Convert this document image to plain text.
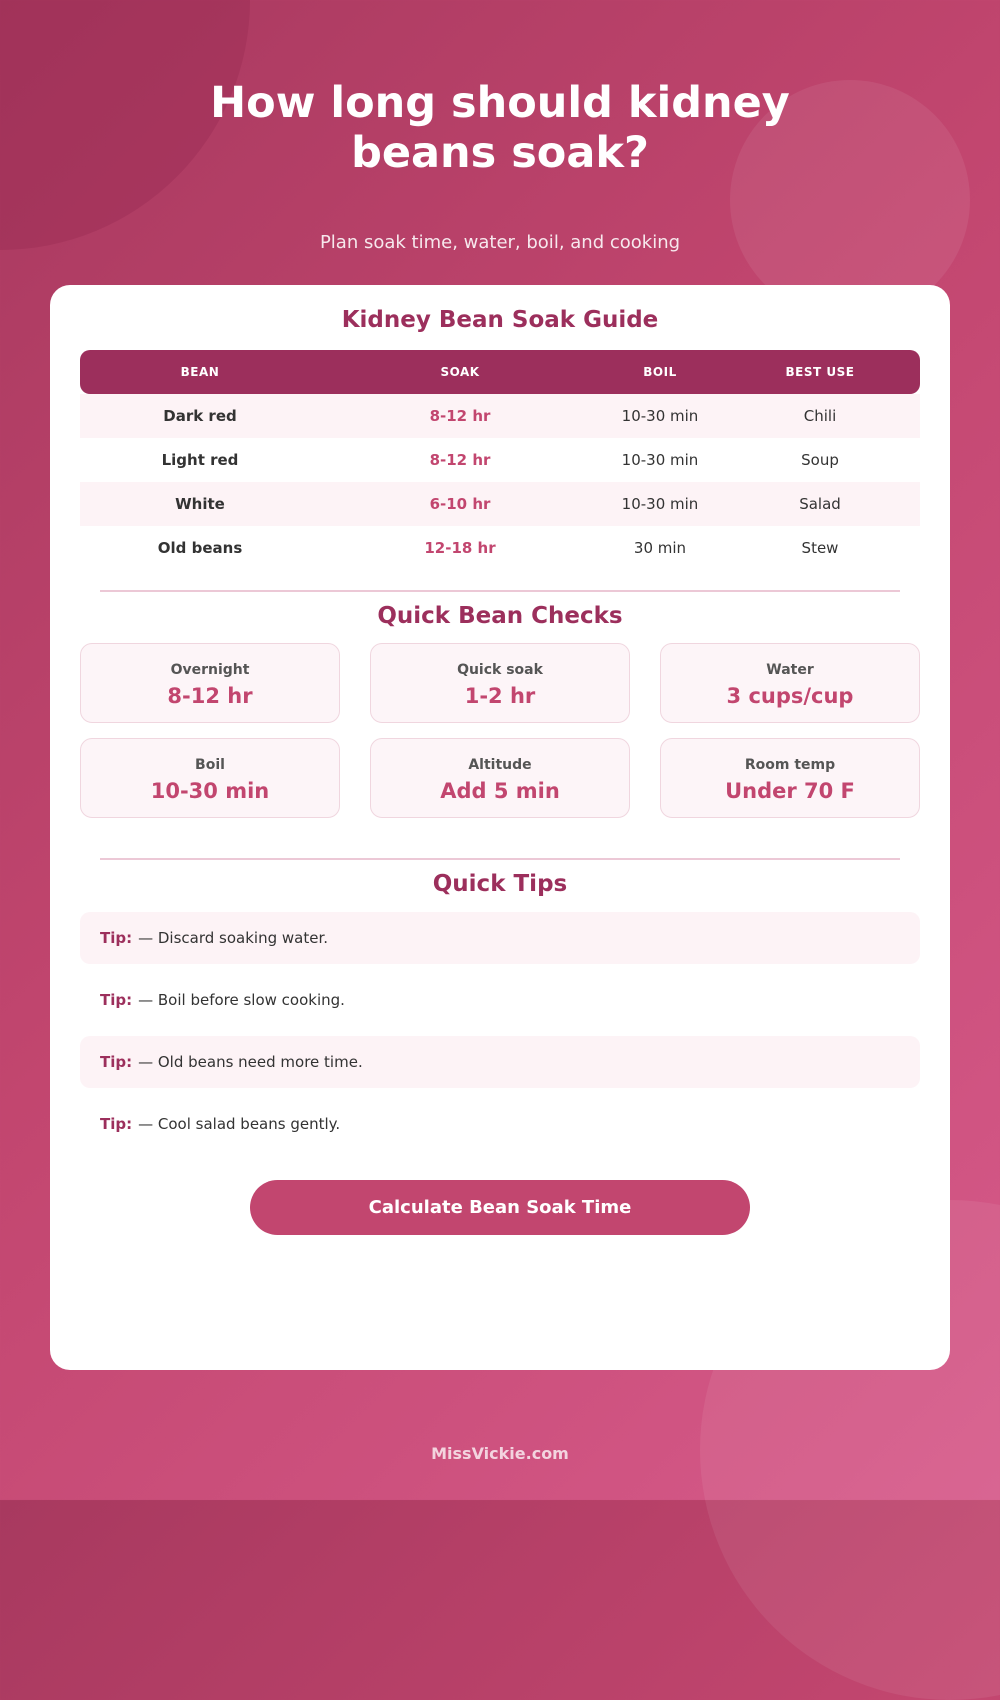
How long should kidney
beans soak?
Plan soak time, water, boil, and cooking
Kidney Bean Soak Guide
BEAN	SOAK	BOIL	BEST USE
Dark red	8-12 hr	10-30 min	Chili
Light red	8-12 hr	10-30 min	Soup
White	6-10 hr	10-30 min	Salad
Old beans	12-18 hr	30 min	Stew
Quick Bean Checks
Overnight
8-12 hr
Quick soak
1-2 hr
Water
3 cups/cup
Boil
10-30 min
Altitude
Add 5 min
Room temp
Under 70 F
Quick Tips
Tip: — Discard soaking water.
Tip: — Boil before slow cooking.
Tip: — Old beans need more time.
Tip: — Cool salad beans gently.
Calculate Bean Soak Time
MissVickie.com
